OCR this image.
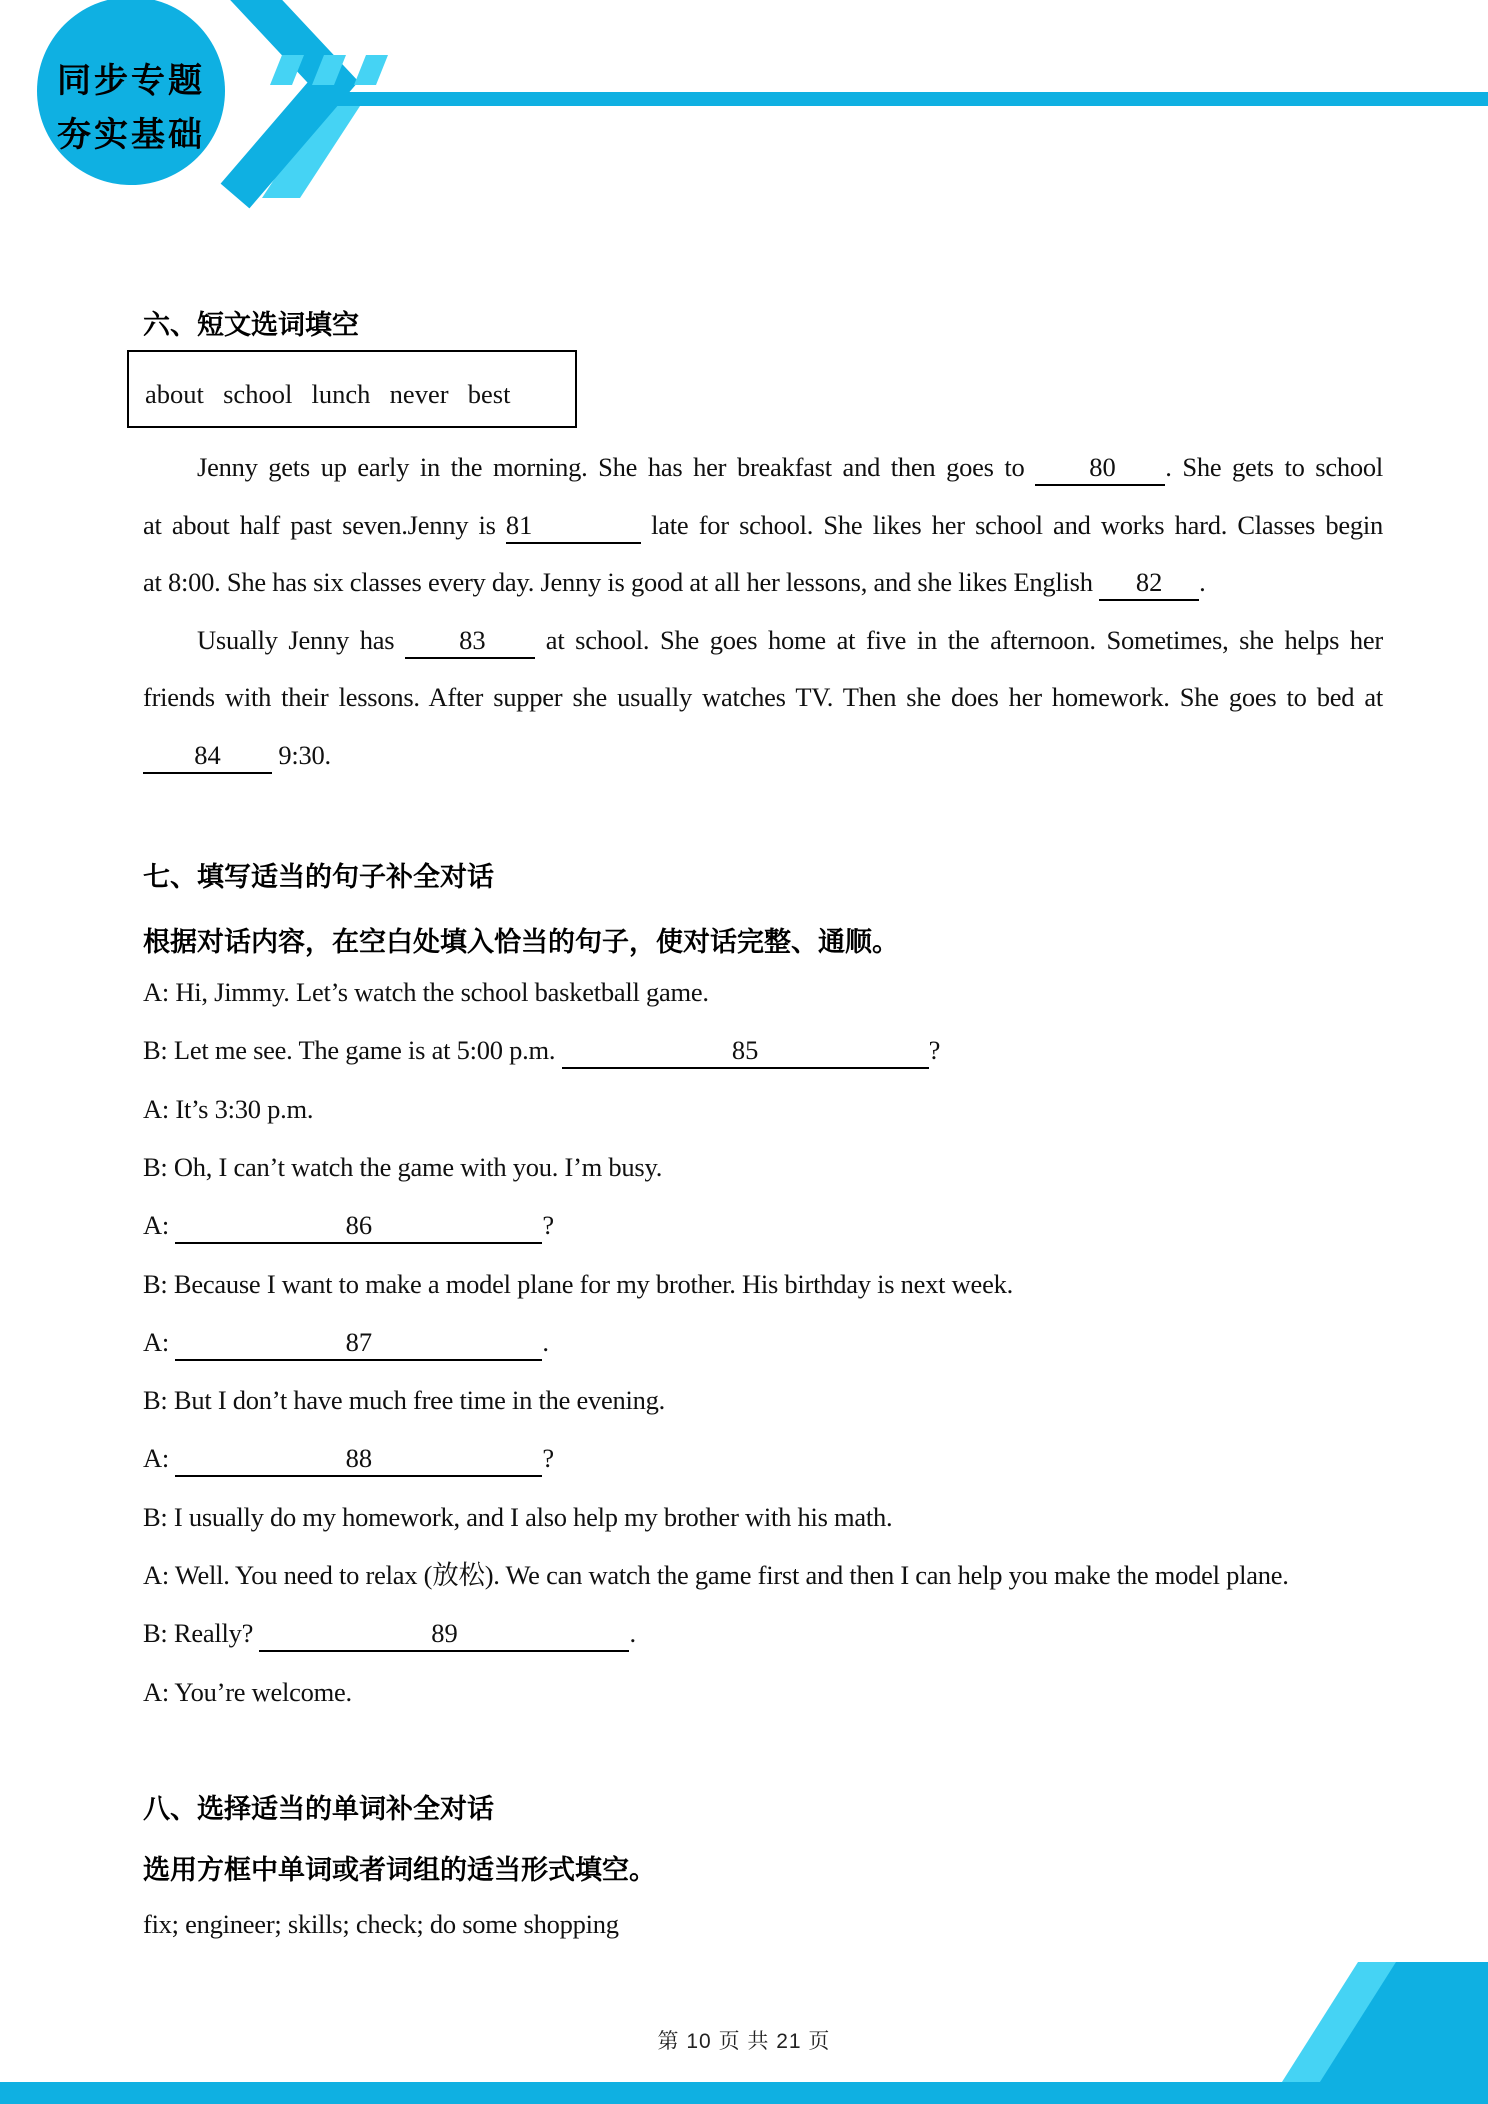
同步专题
夯实基础
六、短文选词填空
about  school  lunch  never  best
Jenny gets up early in the morning. She has her breakfast and then goes to 80 . She gets to school
at about half past seven.Jenny is 81	late for school. She likes her school and works hard. Classes begin
at 8:00. She has six classes every day. Jenny is good at all her lessons, and she likes English 82 .
Usually Jenny has 83 at school. She goes home at five in the afternoon. Sometimes, she helps her
friends with their lessons. After supper she usually watches TV. Then she does her homework. She goes to bed at
84 9:30.
七、填写适当的句子补全对话
根据对话内容，在空白处填入恰当的句子，使对话完整、通顺。
A: Hi, Jimmy. Let’s watch the school basketball game.
B: Let me see. The game is at 5:00 p.m.	85	?
A: It’s 3:30 p.m.
B: Oh, I can’t watch the game with you. I’m busy.
A:	86	?
B: Because I want to make a model plane for my brother. His birthday is next week.
A:	87	.
B: But I don’t have much free time in the evening.
A:	88	?
B: I usually do my homework, and I also help my brother with his math.
A: Well. You need to relax (放松). We can watch the game first and then I can help you make the model plane.
B: Really?	89	.
A: You’re welcome.
八、选择适当的单词补全对话
选用方框中单词或者词组的适当形式填空。
fix; engineer; skills; check; do some shopping
第 10 页 共 21 页
